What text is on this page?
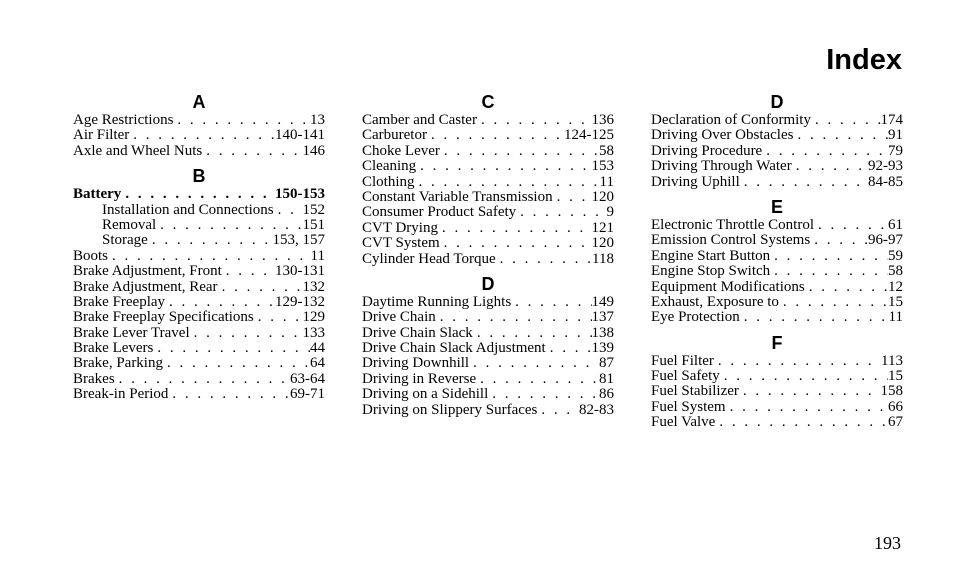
Index
A
Age Restrictions . . .	13
Air Filter . . .	140-141
Axle and Wheel Nuts . . .	146
B
Battery . . .	150-153
Installation and Connections . . . 152
Removal . . .	151
Storage . . .	153, 157
Boots . . .	11
Brake Adjustment, Front . . .	130-131
Brake Adjustment, Rear . . .	132
Brake Freeplay . . .	129-132
Brake Freeplay Specifications . . .	129
Brake Lever Travel . . .	133
Brake Levers . . .	44
Brake, Parking . . .	64
Brakes . . .	63-64
Break-in Period . . .	69-71
C
Camber and Caster . . .	136
Carburetor . . .	124-125
Choke Lever . . .	58
Cleaning . . .	153
Clothing . . .	11
Constant Variable Transmission . . .	120
Consumer Product Safety . . .	9
CVT Drying . . .	121
CVT System . . .	120
Cylinder Head Torque . . .	118
D
Daytime Running Lights . . .	149
Drive Chain . . .	137
Drive Chain Slack . . .	138
Drive Chain Slack Adjustment . . .	139
Driving Downhill . . .	87
Driving in Reverse . . .	81
Driving on a Sidehill . . .	86
Driving on Slippery Surfaces . . .	82-83
D
Declaration of Conformity . . .	174
Driving Over Obstacles . . .	91
Driving Procedure . . .	79
Driving Through Water . . .	92-93
Driving Uphill . . .	84-85
E
Electronic Throttle Control . . .	61
Emission Control Systems . . .	96-97
Engine Start Button . . .	59
Engine Stop Switch . . .	58
Equipment Modifications . . .	12
Exhaust, Exposure to . . .	15
Eye Protection . . .	11
F
Fuel Filter . . .	113
Fuel Safety . . .	15
Fuel Stabilizer . . .	158
Fuel System . . .	66
Fuel Valve . . .	67
193
